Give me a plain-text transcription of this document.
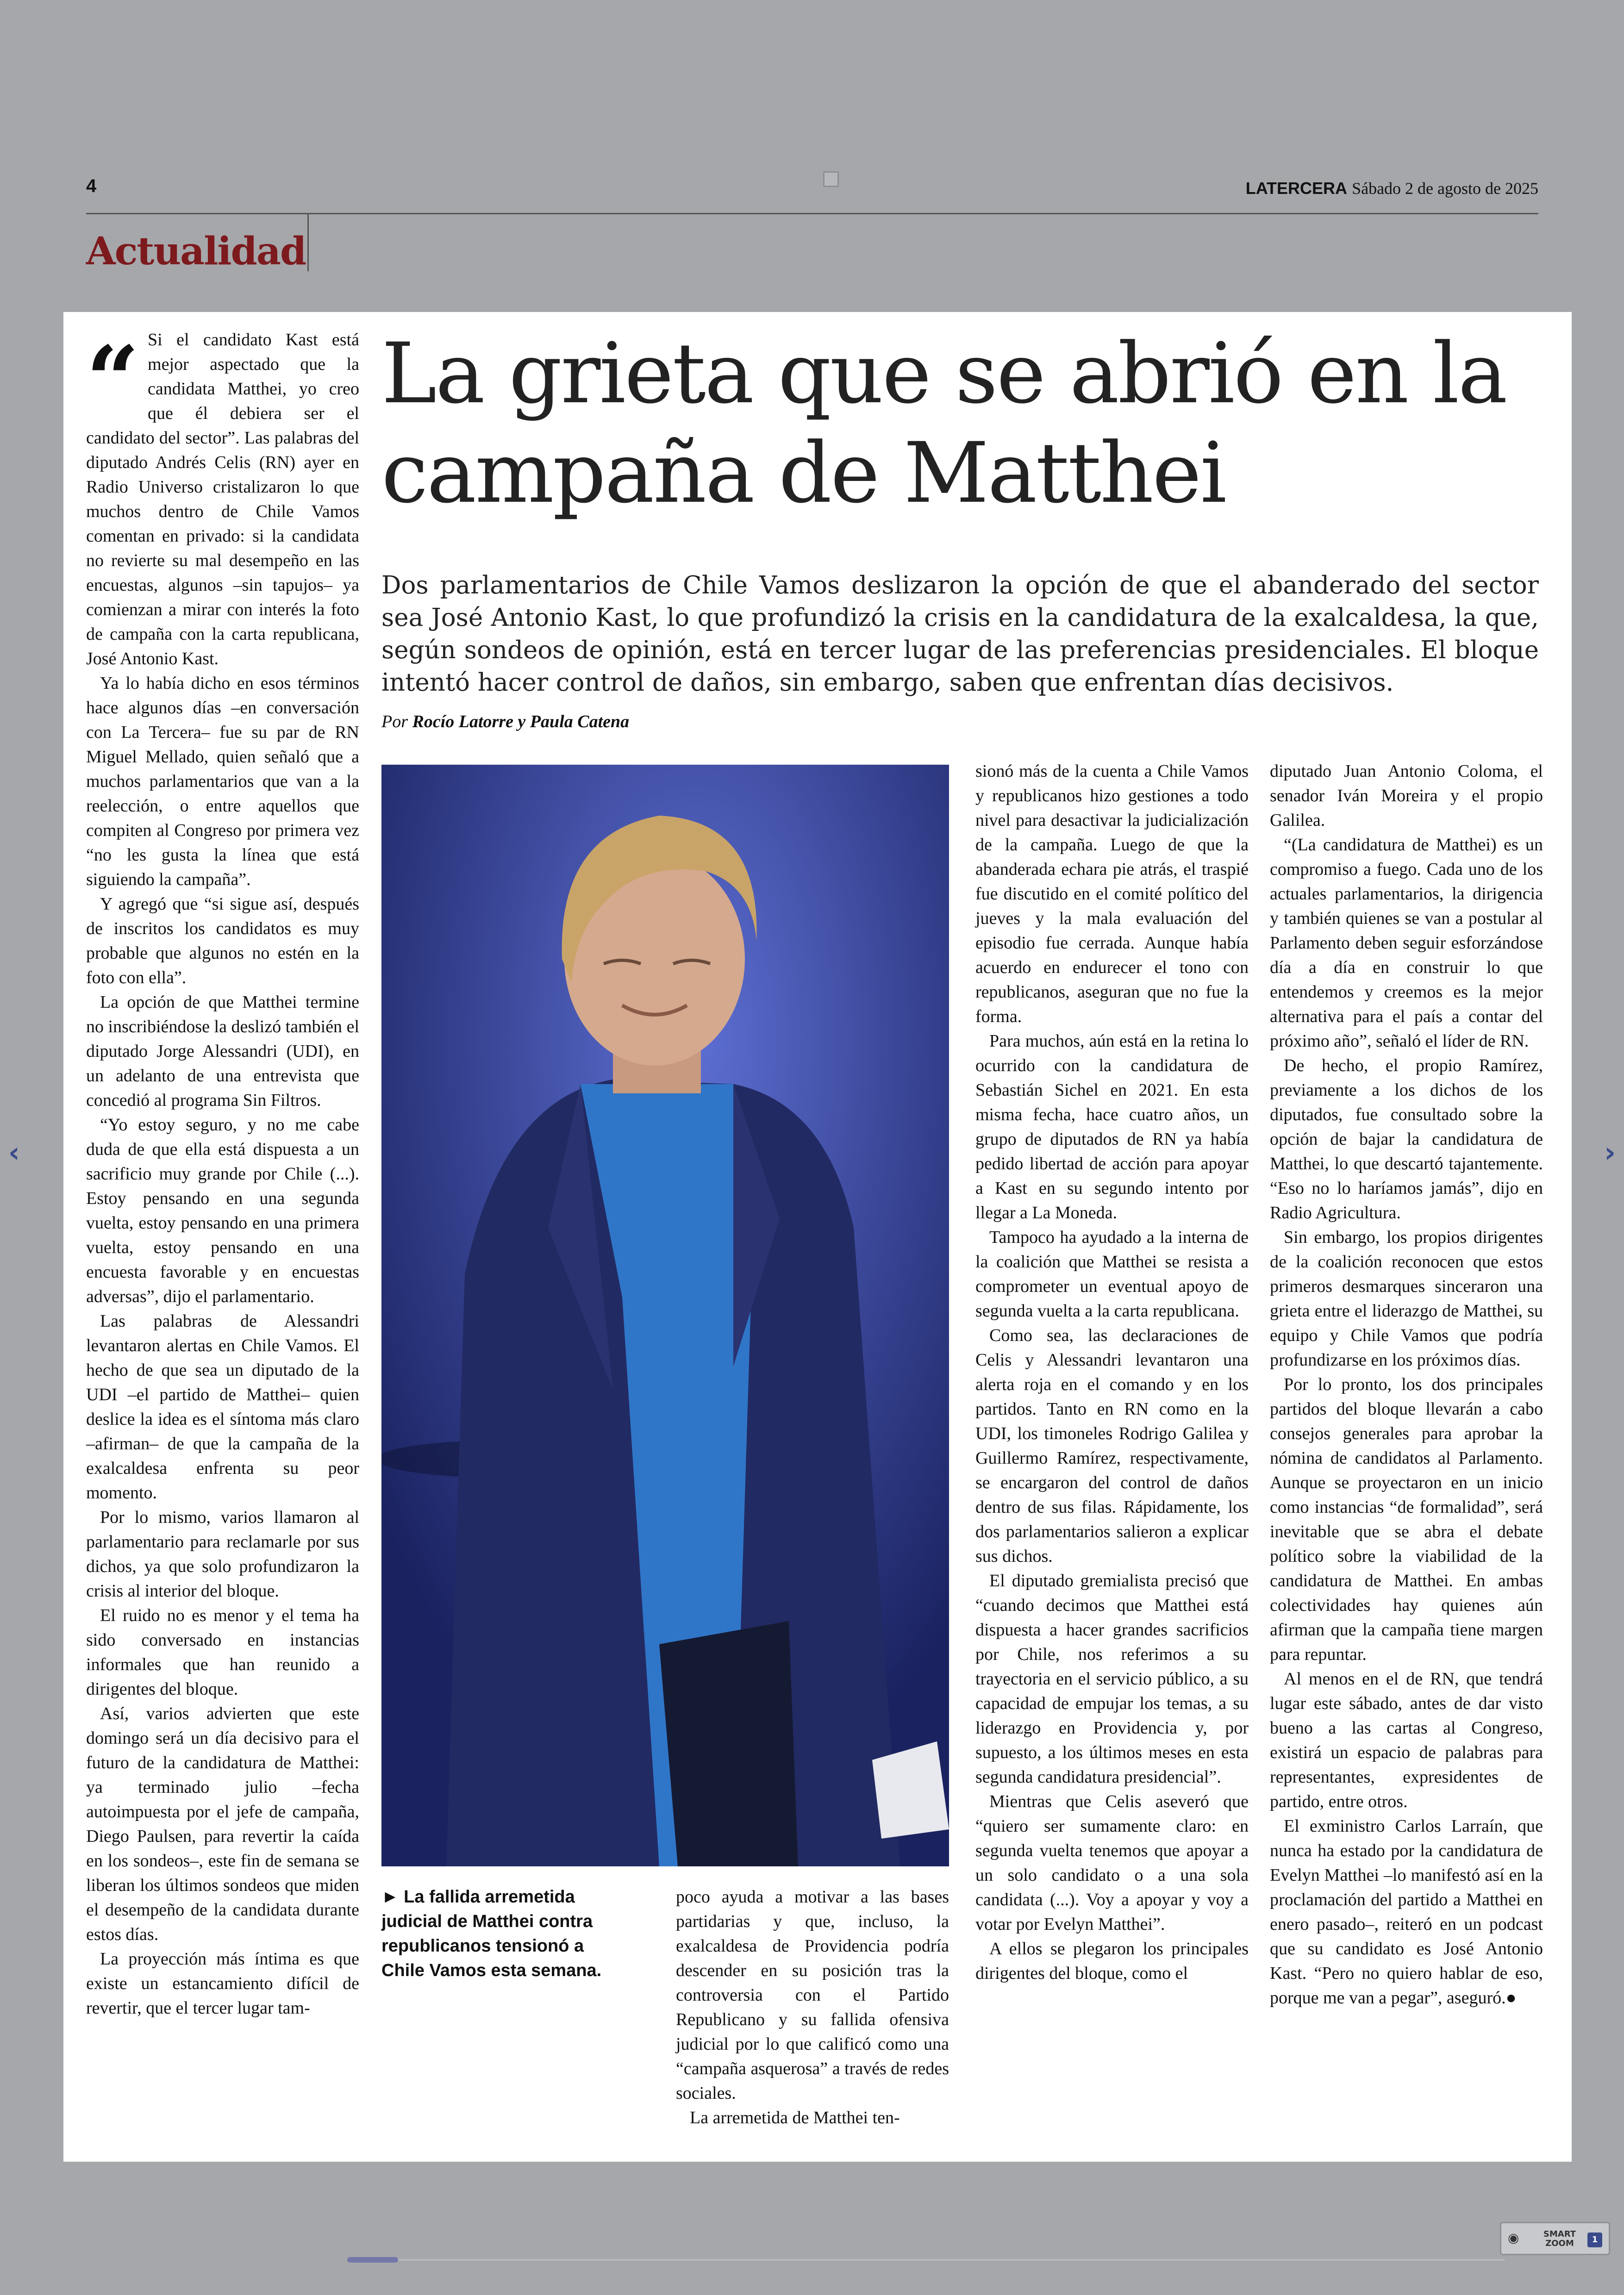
4	LATERCERA Sábado 2 de agosto de 2025
Actualidad
“ Si el candidato Kast está mejor aspectado que la candidata Matthei, yo creo que él debiera ser el candidato del sector”. Las palabras del diputado Andrés Celis (RN) ayer en Radio Universo cristalizaron lo que muchos dentro de Chile Vamos comentan en privado: si la candidata no revierte su mal desempeño en las encuestas, algunos –sin tapujos– ya comienzan a mirar con interés la foto de campaña con la carta republicana, José Antonio Kast.

Ya lo había dicho en esos términos hace algunos días –en conversación con La Tercera– fue su par de RN Miguel Mellado, quien señaló que a muchos parlamentarios que van a la reelección, o entre aquellos que compiten al Congreso por primera vez “no les gusta la línea que está siguiendo la campaña”.

Y agregó que “si sigue así, después de inscritos los candidatos es muy probable que algunos no estén en la foto con ella”.

La opción de que Matthei termine no inscribiéndose la deslizó también el diputado Jorge Alessandri (UDI), en un adelanto de una entrevista que concedió al programa Sin Filtros.

“Yo estoy seguro, y no me cabe duda de que ella está dispuesta a un sacrificio muy grande por Chile (...). Estoy pensando en una segunda vuelta, estoy pensando en una primera vuelta, estoy pensando en una encuesta favorable y en encuestas adversas”, dijo el parlamentario.

Las palabras de Alessandri levantaron alertas en Chile Vamos. El hecho de que sea un diputado de la UDI –el partido de Matthei– quien deslice la idea es el síntoma más claro –afirman– de que la campaña de la exalcaldesa enfrenta su peor momento.

Por lo mismo, varios llamaron al parlamentario para reclamarle por sus dichos, ya que solo profundizaron la crisis al interior del bloque.

El ruido no es menor y el tema ha sido conversado en instancias informales que han reunido a dirigentes del bloque.

Así, varios advierten que este domingo será un día decisivo para el futuro de la candidatura de Matthei: ya terminado julio –fecha autoimpuesta por el jefe de campaña, Diego Paulsen, para revertir la caída en los sondeos–, este fin de semana se liberan los últimos sondeos que miden el desempeño de la candidata durante estos días.

La proyección más íntima es que existe un estancamiento difícil de revertir, que el tercer lugar tam-

La grieta que se abrió en la campaña de Matthei
Dos parlamentarios de Chile Vamos deslizaron la opción de que el abanderado del sector sea José Antonio Kast, lo que profundizó la crisis en la candidatura de la exalcaldesa, la que, según sondeos de opinión, está en tercer lugar de las preferencias presidenciales. El bloque intentó hacer control de daños, sin embargo, saben que enfrentan días decisivos.
Por Rocío Latorre y Paula Catena
► La fallida arremetida judicial de Matthei contra republicanos tensionó a Chile Vamos esta semana.

poco ayuda a motivar a las bases partidarias y que, incluso, la exalcaldesa de Providencia podría descender en su posición tras la controversia con el Partido Republicano y su fallida ofensiva judicial por lo que calificó como una “campaña asquerosa” a través de redes sociales.

La arremetida de Matthei ten-

sionó más de la cuenta a Chile Vamos y republicanos hizo gestiones a todo nivel para desactivar la judicialización de la campaña. Luego de que la abanderada echara pie atrás, el traspié fue discutido en el comité político del jueves y la mala evaluación del episodio fue cerrada. Aunque había acuerdo en endurecer el tono con republicanos, aseguran que no fue la forma.

Para muchos, aún está en la retina lo ocurrido con la candidatura de Sebastián Sichel en 2021. En esta misma fecha, hace cuatro años, un grupo de diputados de RN ya había pedido libertad de acción para apoyar a Kast en su segundo intento por llegar a La Moneda.

Tampoco ha ayudado a la interna de la coalición que Matthei se resista a comprometer un eventual apoyo de segunda vuelta a la carta republicana.

Como sea, las declaraciones de Celis y Alessandri levantaron una alerta roja en el comando y en los partidos. Tanto en RN como en la UDI, los timoneles Rodrigo Galilea y Guillermo Ramírez, respectivamente, se encargaron del control de daños dentro de sus filas. Rápidamente, los dos parlamentarios salieron a explicar sus dichos.

El diputado gremialista precisó que “cuando decimos que Matthei está dispuesta a hacer grandes sacrificios por Chile, nos referimos a su trayectoria en el servicio público, a su capacidad de empujar los temas, a su liderazgo en Providencia y, por supuesto, a los últimos meses en esta segunda candidatura presidencial”.

Mientras que Celis aseveró que “quiero ser sumamente claro: en segunda vuelta tenemos que apoyar a un solo candidato o a una sola candidata (...). Voy a apoyar y voy a votar por Evelyn Matthei”.

A ellos se plegaron los principales dirigentes del bloque, como el

diputado Juan Antonio Coloma, el senador Iván Moreira y el propio Galilea.

“(La candidatura de Matthei) es un compromiso a fuego. Cada uno de los actuales parlamentarios, la dirigencia y también quienes se van a postular al Parlamento deben seguir esforzándose día a día en construir lo que entendemos y creemos es la mejor alternativa para el país a contar del próximo año”, señaló el líder de RN.

De hecho, el propio Ramírez, previamente a los dichos de los diputados, fue consultado sobre la opción de bajar la candidatura de Matthei, lo que descartó tajantemente. “Eso no lo haríamos jamás”, dijo en Radio Agricultura.

Sin embargo, los propios dirigentes de la coalición reconocen que estos primeros desmarques sinceraron una grieta entre el liderazgo de Matthei, su equipo y Chile Vamos que podría profundizarse en los próximos días.

Por lo pronto, los dos principales partidos del bloque llevarán a cabo consejos generales para aprobar la nómina de candidatos al Parlamento. Aunque se proyectaron en un inicio como instancias “de formalidad”, será inevitable que se abra el debate político sobre la viabilidad de la candidatura de Matthei. En ambas colectividades hay quienes aún afirman que la campaña tiene margen para repuntar.

Al menos en el de RN, que tendrá lugar este sábado, antes de dar visto bueno a las cartas al Congreso, existirá un espacio de palabras para representantes, expresidentes de partido, entre otros.

El exministro Carlos Larraín, que nunca ha estado por la candidatura de Evelyn Matthei –lo manifestó así en la proclamación del partido a Matthei en enero pasado–, reiteró en un podcast que su candidato es José Antonio Kast. “Pero no quiero hablar de eso, porque me van a pegar”, aseguró.●

‹	›
◉	SMART ZOOM	1
